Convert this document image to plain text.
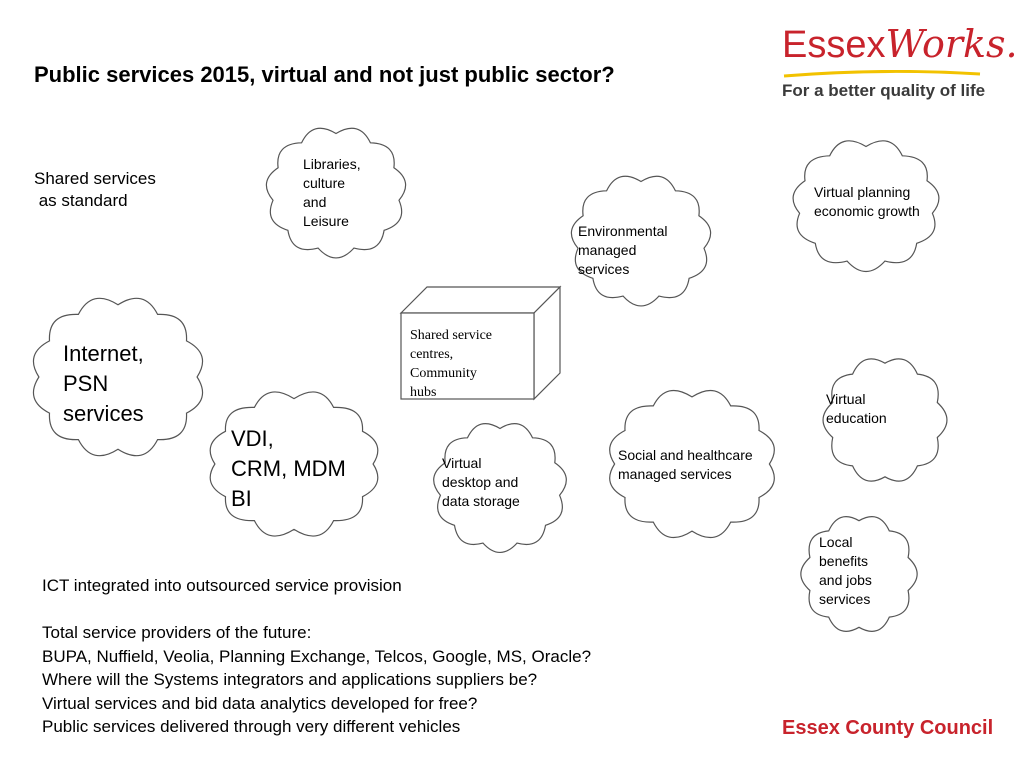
Public services 2015, virtual and not just public sector?
EssexWorks.
For a better quality of life
Shared services
as standard
Libraries,
culture
and
Leisure
Environmental
managed
services
Virtual planning
economic growth
Internet,
PSN
services
VDI,
CRM, MDM
BI
Virtual
desktop and
data storage
Social and healthcare
managed services
Virtual
education
Local
benefits
and jobs
services
Shared service
centres,
Community
hubs
ICT integrated into outsourced service provision
Total service providers of the future:
BUPA, Nuffield, Veolia, Planning Exchange, Telcos, Google, MS, Oracle?
Where will the Systems integrators and applications suppliers be?
Virtual services and bid data analytics developed for free?
Public services delivered through very different vehicles	Essex County Council
